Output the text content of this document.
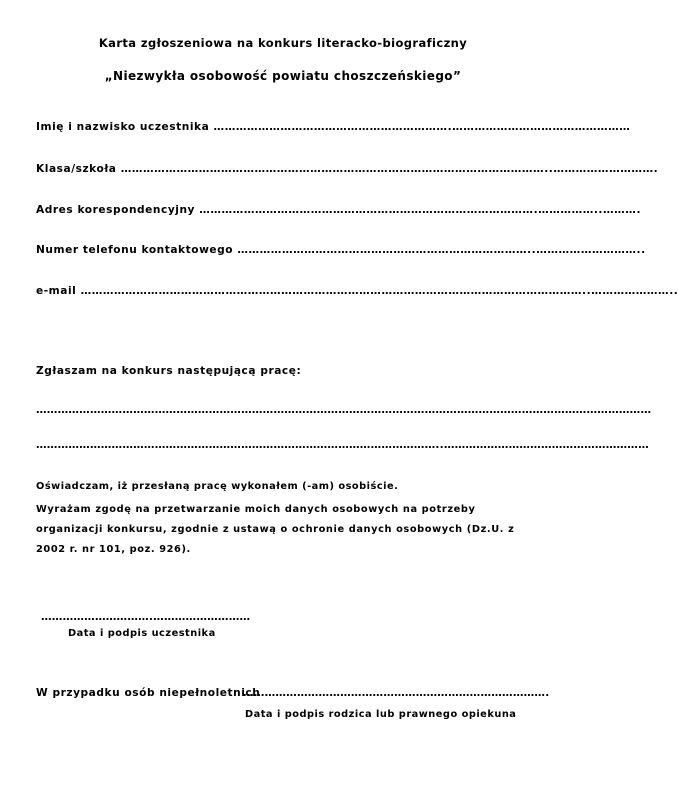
Karta zgłoszeniowa na konkurs literacko-biograficzny
„Niezwykła osobowość powiatu choszczeńskiego”
Imię i nazwisko uczestnika ……………………………………………………….…………………………………………
Klasa/szkoła ……………………………………………………………………………………………………..……………………….
Adres korespondencyjny ……………………………………………………………………………….……………..……….
Numer telefonu kontaktowego ……………………………………………………………………..………………………..
e-mail ………………………………………………………………………………………………………………………..…………………..
Zgłaszam na konkurs następującą pracę:
………………………………………………………………………………………………………………………………………………………
…………………………………………………………………………………………………..…………………………………………………
Oświadczam, iż przesłaną pracę wykonałem (-am) osobiście.
Wyrażam zgodę na przetwarzanie moich danych osobowych na potrzeby organizacji konkursu, zgodnie z ustawą o ochronie danych osobowych (Dz.U. z 2002 r. nr 101, poz. 926).
………………………….………………………
Data i podpis uczestnika
W przypadku osób niepełnoletnich
………………………………………………………………………….
Data i podpis rodzica lub prawnego opiekuna
